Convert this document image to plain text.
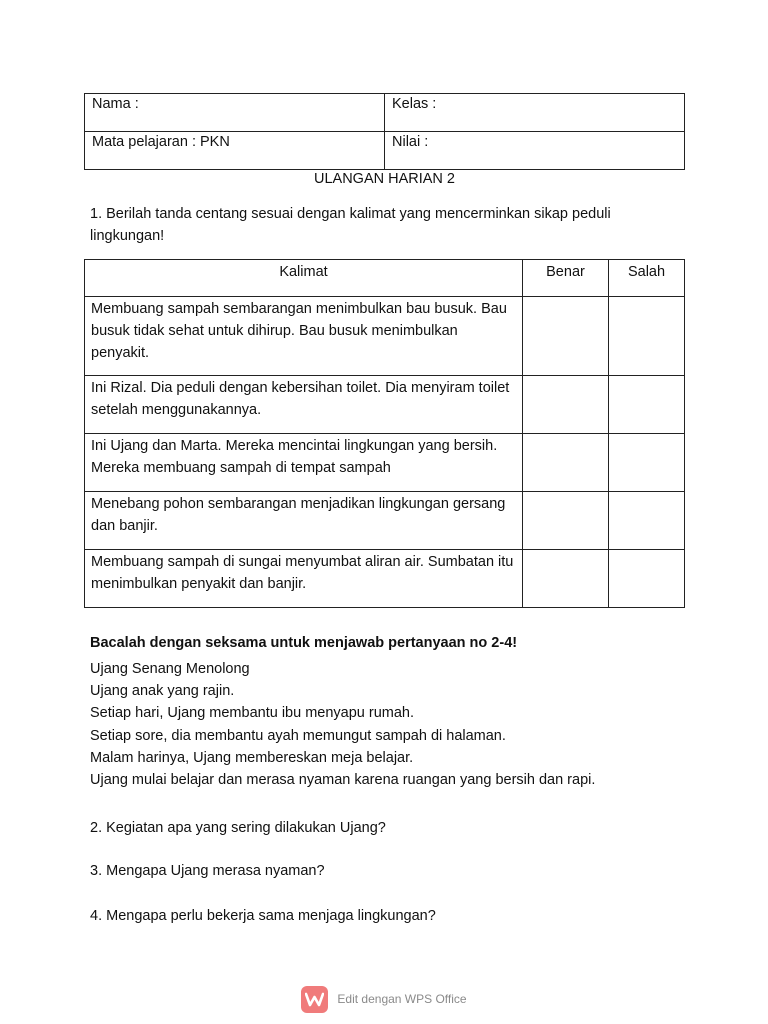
Nama :	Kelas :
Mata pelajaran : PKN	Nilai :
ULANGAN HARIAN 2
1. Berilah tanda centang sesuai dengan kalimat yang mencerminkan sikap peduli lingkungan!
Kalimat	Benar	Salah
Membuang sampah sembarangan menimbulkan bau busuk. Bau busuk tidak sehat untuk dihirup. Bau busuk menimbulkan penyakit.		
Ini Rizal. Dia peduli dengan kebersihan toilet. Dia menyiram toilet setelah menggunakannya.		
Ini Ujang dan Marta. Mereka mencintai lingkungan yang bersih. Mereka membuang sampah di tempat sampah		
Menebang pohon sembarangan menjadikan lingkungan gersang dan banjir.		
Membuang sampah di sungai menyumbat aliran air. Sumbatan itu menimbulkan penyakit dan banjir.		
Bacalah dengan seksama untuk menjawab pertanyaan no 2-4!
Ujang Senang Menolong
Ujang anak yang rajin.
Setiap hari, Ujang membantu ibu menyapu rumah.
Setiap sore, dia membantu ayah memungut sampah di halaman.
Malam harinya, Ujang membereskan meja belajar.
Ujang mulai belajar dan merasa nyaman karena ruangan yang bersih dan rapi.
2. Kegiatan apa yang sering dilakukan Ujang?
3. Mengapa Ujang merasa nyaman?
4. Mengapa perlu bekerja sama menjaga lingkungan?
Edit dengan WPS Office
